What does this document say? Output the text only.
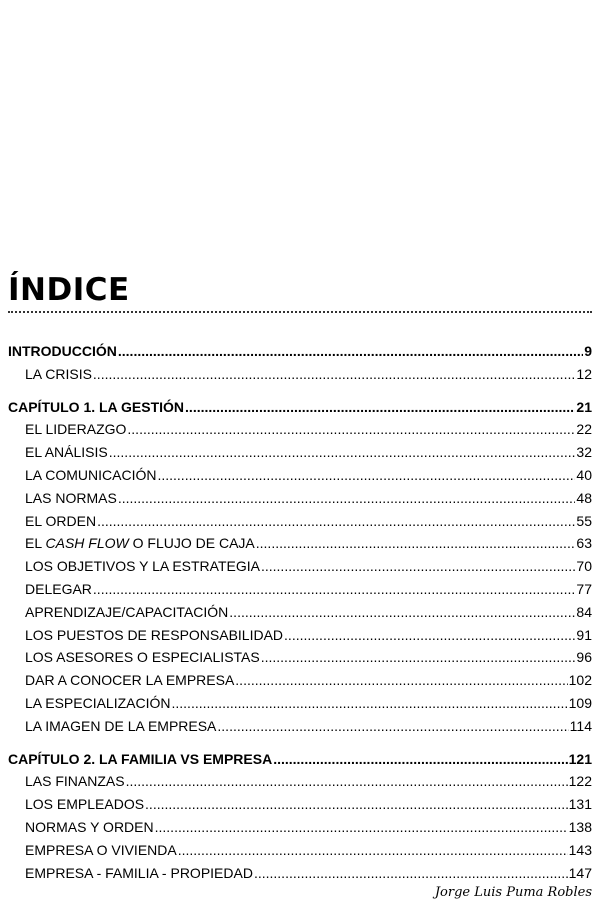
ÍNDICE
INTRODUCCIÓN .....	9
LA CRISIS .....	12
CAPÍTULO 1. LA GESTIÓN .....	21
EL LIDERAZGO .....	22
EL ANÁLISIS .....	32
LA COMUNICACIÓN .....	40
LAS NORMAS .....	48
EL ORDEN .....	55
EL CASH FLOW O FLUJO DE CAJA .....	63
LOS OBJETIVOS Y LA ESTRATEGIA .....	70
DELEGAR .....	77
APRENDIZAJE/CAPACITACIÓN .....	84
LOS PUESTOS DE RESPONSABILIDAD .....	91
LOS ASESORES O ESPECIALISTAS .....	96
DAR A CONOCER LA EMPRESA .....	102
LA ESPECIALIZACIÓN .....	109
LA IMAGEN DE LA EMPRESA .....	114
CAPÍTULO 2. LA FAMILIA VS EMPRESA .....	121
LAS FINANZAS .....	122
LOS EMPLEADOS .....	131
NORMAS Y ORDEN .....	138
EMPRESA O VIVIENDA .....	143
EMPRESA - FAMILIA - PROPIEDAD .....	147
Jorge Luis Puma Robles
